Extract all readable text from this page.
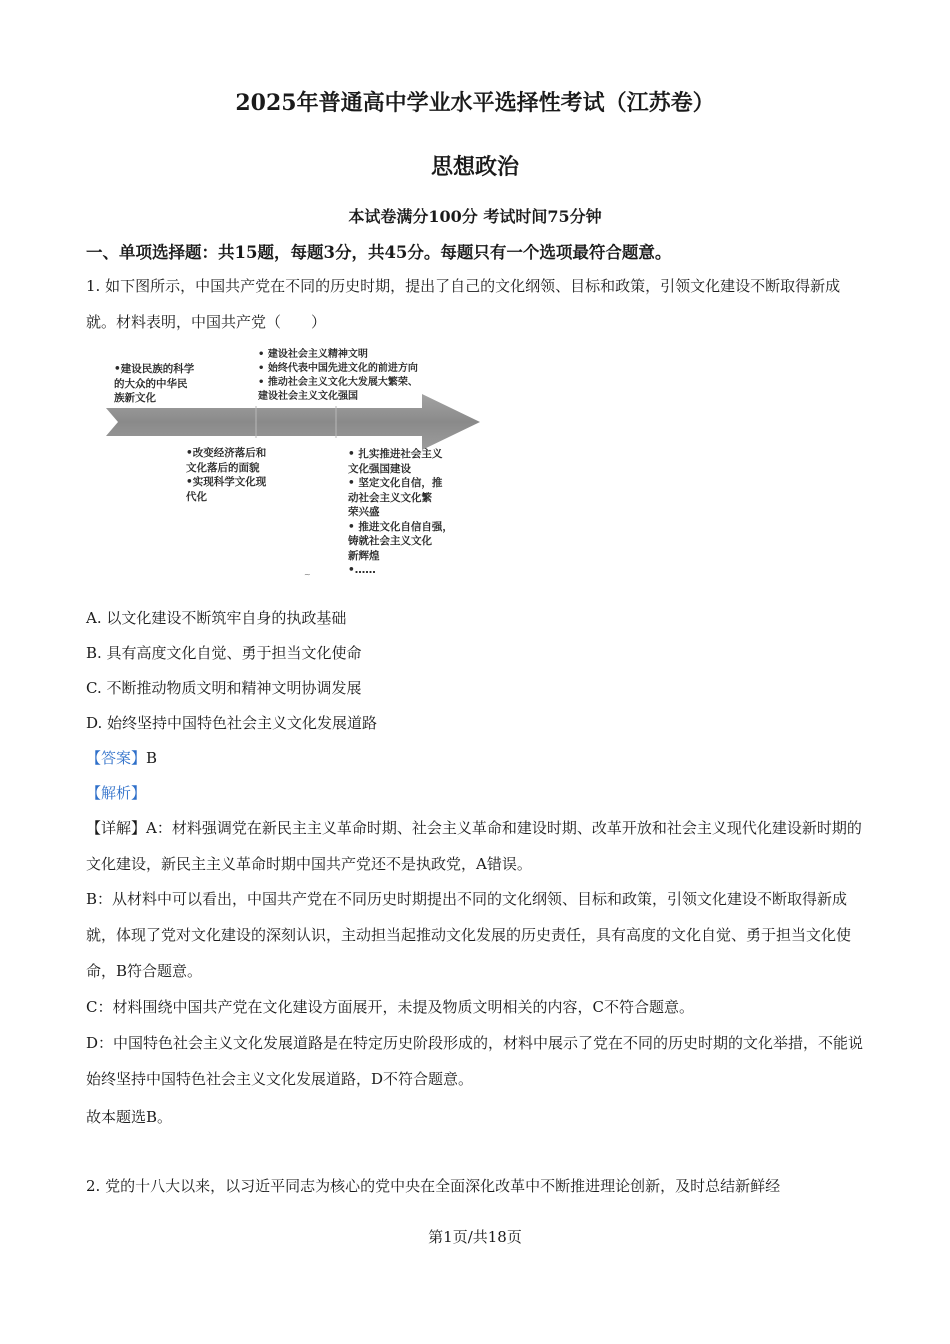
2025年普通高中学业水平选择性考试（江苏卷）
思想政治
本试卷满分100分 考试时间75分钟
一、单项选择题：共15题，每题3分，共45分。每题只有一个选项最符合题意。

1. 如下图所示，中国共产党在不同的历史时期，提出了自己的文化纲领、目标和政策，引领文化建设不断取得新成就。材料表明，中国共产党（　　）

~
•建设民族的科学
的大众的中华民
族新文化
• 建设社会主义精神文明
• 始终代表中国先进文化的前进方向
• 推动社会主义文化大发展大繁荣、
建设社会主义文化强国
•改变经济落后和
文化落后的面貌
•实现科学文化现
代化
• 扎实推进社会主义
文化强国建设
• 坚定文化自信，推
动社会主义文化繁
荣兴盛
• 推进文化自信自强，
铸就社会主义文化
新辉煌
•……
A. 以文化建设不断筑牢自身的执政基础
B. 具有高度文化自觉、勇于担当文化使命
C. 不断推动物质文明和精神文明协调发展
D. 始终坚持中国特色社会主义文化发展道路
【答案】B
【解析】

【详解】A：材料强调党在新民主主义革命时期、社会主义革命和建设时期、改革开放和社会主义现代化建设新时期的文化建设，新民主主义革命时期中国共产党还不是执政党，A错误。

B：从材料中可以看出，中国共产党在不同历史时期提出不同的文化纲领、目标和政策，引领文化建设不断取得新成就，体现了党对文化建设的深刻认识，主动担当起推动文化发展的历史责任，具有高度的文化自觉、勇于担当文化使命，B符合题意。

C：材料围绕中国共产党在文化建设方面展开，未提及物质文明相关的内容，C不符合题意。

D：中国特色社会主义文化发展道路是在特定历史阶段形成的，材料中展示了党在不同的历史时期的文化举措，不能说始终坚持中国特色社会主义文化发展道路，D不符合题意。

故本题选B。
2. 党的十八大以来，以习近平同志为核心的党中央在全面深化改革中不断推进理论创新，及时总结新鲜经
第1页/共18页
